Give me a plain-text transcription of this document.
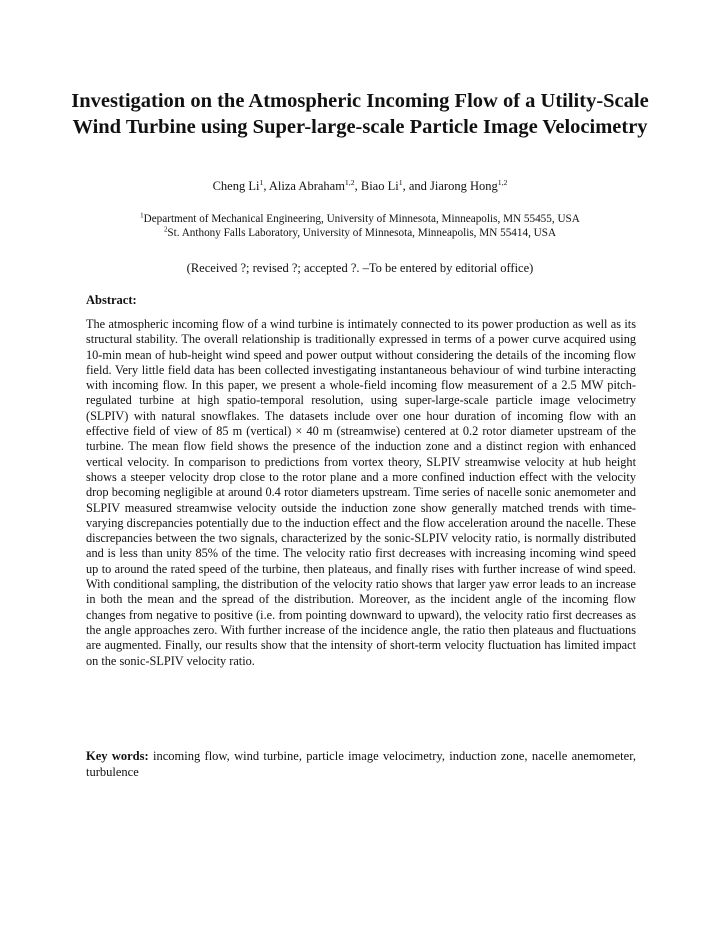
Investigation on the Atmospheric Incoming Flow of a Utility-Scale Wind Turbine using Super-large-scale Particle Image Velocimetry
Cheng Li$^1$, Aliza Abraham$^{1,2}$, Biao Li$^1$, and Jiarong Hong$^{1,2}$
$^1$Department of Mechanical Engineering, University of Minnesota, Minneapolis, MN 55455, USA
$^2$St. Anthony Falls Laboratory, University of Minnesota, Minneapolis, MN 55414, USA
(Received ?; revised ?; accepted ?. –To be entered by editorial office)
Abstract:

The atmospheric incoming flow of a wind turbine is intimately connected to its power production as well as its structural stability. The overall relationship is traditionally expressed in terms of a power curve acquired using 10-min mean of hub-height wind speed and power output without considering the details of the incoming flow field. Very little field data has been collected investigating instantaneous behaviour of wind turbine interacting with incoming flow. In this paper, we present a whole-field incoming flow measurement of a 2.5 MW pitch-regulated turbine at high spatio-temporal resolution, using super-large-scale particle image velocimetry (SLPIV) with natural snowflakes. The datasets include over one hour duration of incoming flow with an effective field of view of 85 m (vertical) × 40 m (streamwise) centered at 0.2 rotor diameter upstream of the turbine. The mean flow field shows the presence of the induction zone and a distinct region with enhanced vertical velocity. In comparison to predictions from vortex theory, SLPIV streamwise velocity at hub height shows a steeper velocity drop close to the rotor plane and a more confined induction effect with the velocity drop becoming negligible at around 0.4 rotor diameters upstream. Time series of nacelle sonic anemometer and SLPIV measured streamwise velocity outside the induction zone show generally matched trends with time-varying discrepancies potentially due to the induction effect and the flow acceleration around the nacelle. These discrepancies between the two signals, characterized by the sonic-SLPIV velocity ratio, is normally distributed and is less than unity 85% of the time. The velocity ratio first decreases with increasing incoming wind speed up to around the rated speed of the turbine, then plateaus, and finally rises with further increase of wind speed. With conditional sampling, the distribution of the velocity ratio shows that larger yaw error leads to an increase in both the mean and the spread of the distribution. Moreover, as the incident angle of the incoming flow changes from negative to positive (i.e. from pointing downward to upward), the velocity ratio first decreases as the angle approaches zero. With further increase of the incidence angle, the ratio then plateaus and fluctuations are augmented. Finally, our results show that the intensity of short-term velocity fluctuation has limited impact on the sonic-SLPIV velocity ratio.

Key words: incoming flow, wind turbine, particle image velocimetry, induction zone, nacelle anemometer, turbulence
